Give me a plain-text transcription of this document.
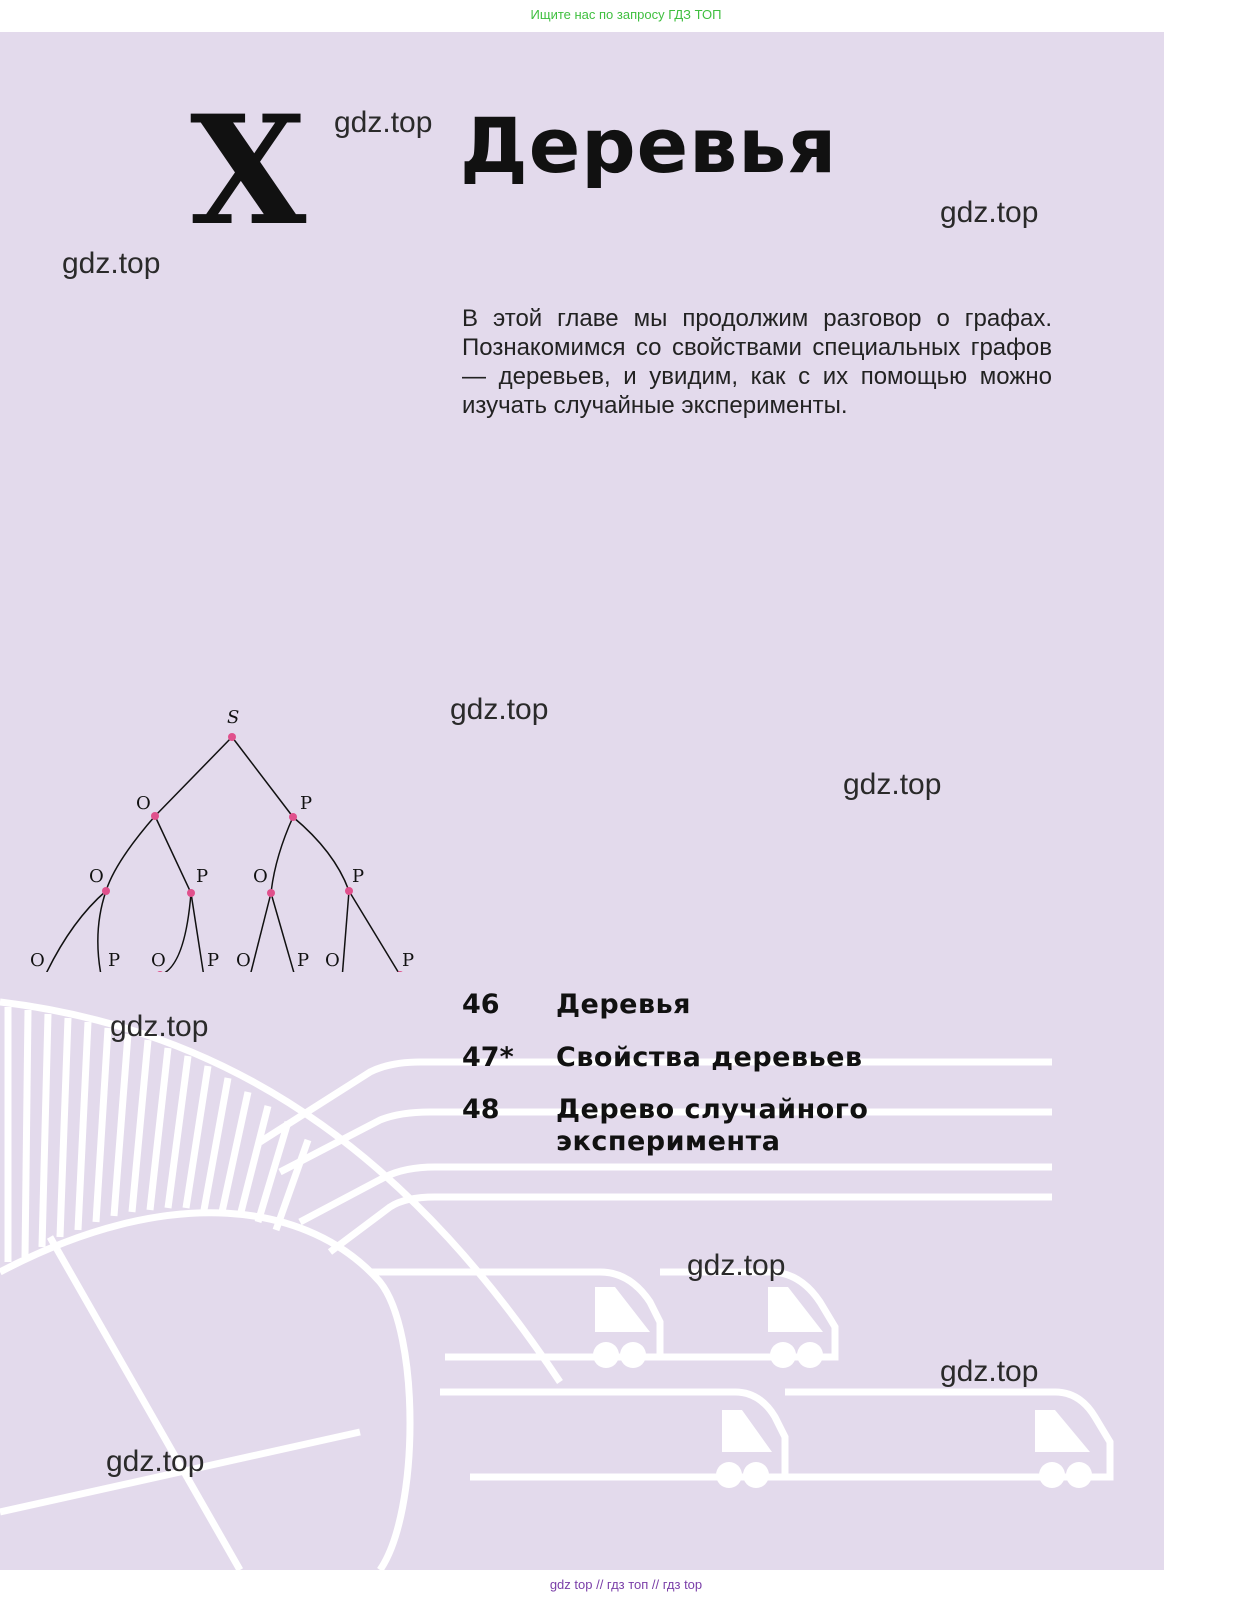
Ищите нас по запросу ГДЗ ТОП
X Деревья
В этой главе мы продолжим разговор о графах. Познакомимся со свойствами специальных графов — деревьев, и увидим, как с их помощью можно изучать случайные эксперименты.
gdz.top
gdz.top
gdz.top
gdz.top
gdz.top
gdz.top
gdz.top
gdz.top
gdz.top
S
О	Р
О	Р О	Р
О	Р О Р О	Р О	Р
46 Деревья
47* Свойства деревьев
48 Дерево случайного эксперимента
gdz top // гдз топ // гдз top
